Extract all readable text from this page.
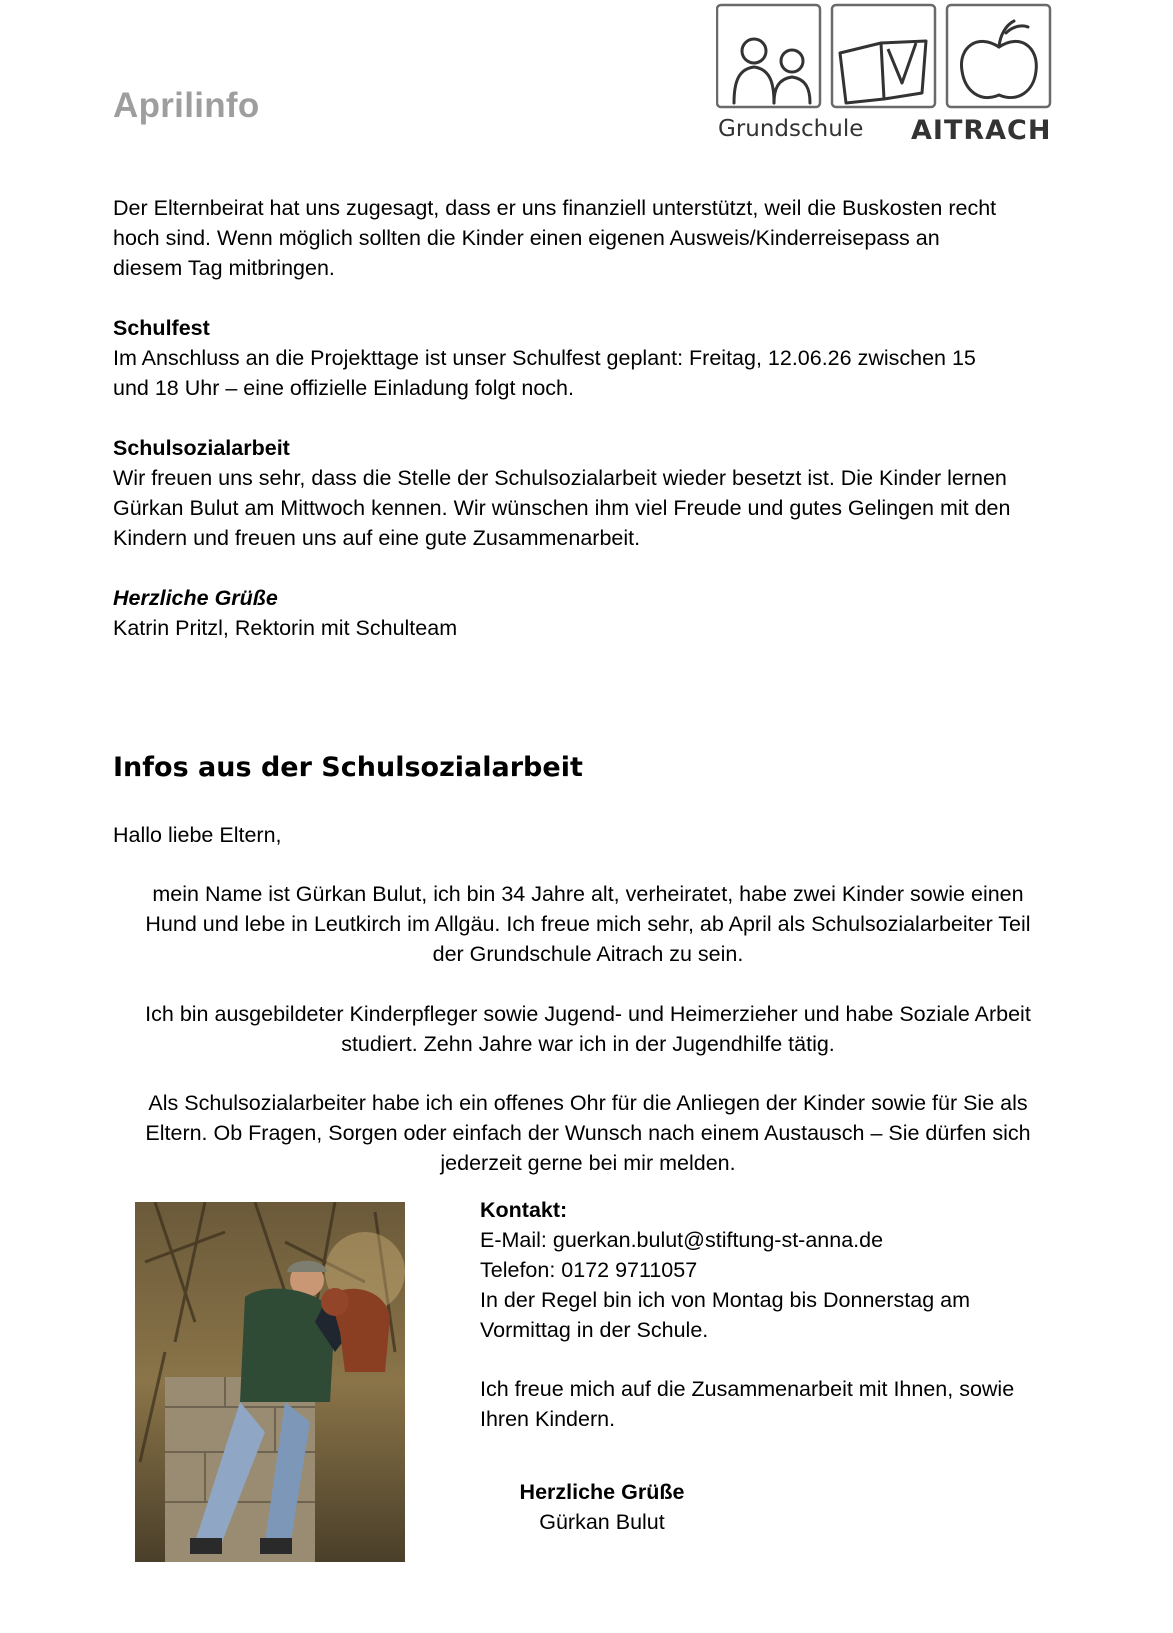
Aprilinfo
Grundschule AITRACH
Der Elternbeirat hat uns zugesagt, dass er uns finanziell unterstützt, weil die Buskosten recht
hoch sind. Wenn möglich sollten die Kinder einen eigenen Ausweis/Kinderreisepass an
diesem Tag mitbringen.
Schulfest
Im Anschluss an die Projekttage ist unser Schulfest geplant: Freitag, 12.06.26 zwischen 15
und 18 Uhr – eine offizielle Einladung folgt noch.
Schulsozialarbeit
Wir freuen uns sehr, dass die Stelle der Schulsozialarbeit wieder besetzt ist. Die Kinder lernen
Gürkan Bulut am Mittwoch kennen. Wir wünschen ihm viel Freude und gutes Gelingen mit den
Kindern und freuen uns auf eine gute Zusammenarbeit.
Herzliche Grüße
Katrin Pritzl, Rektorin mit Schulteam
Infos aus der Schulsozialarbeit
Hallo liebe Eltern,
mein Name ist Gürkan Bulut, ich bin 34 Jahre alt, verheiratet, habe zwei Kinder sowie einen
Hund und lebe in Leutkirch im Allgäu. Ich freue mich sehr, ab April als Schulsozialarbeiter Teil
der Grundschule Aitrach zu sein.
Ich bin ausgebildeter Kinderpfleger sowie Jugend- und Heimerzieher und habe Soziale Arbeit
studiert. Zehn Jahre war ich in der Jugendhilfe tätig.
Als Schulsozialarbeiter habe ich ein offenes Ohr für die Anliegen der Kinder sowie für Sie als
Eltern. Ob Fragen, Sorgen oder einfach der Wunsch nach einem Austausch – Sie dürfen sich
jederzeit gerne bei mir melden.
Kontakt:
E-Mail: guerkan.bulut@stiftung-st-anna.de
Telefon: 0172 9711057
In der Regel bin ich von Montag bis Donnerstag am
Vormittag in der Schule.
Ich freue mich auf die Zusammenarbeit mit Ihnen, sowie
Ihren Kindern.
Herzliche Grüße
Gürkan Bulut
